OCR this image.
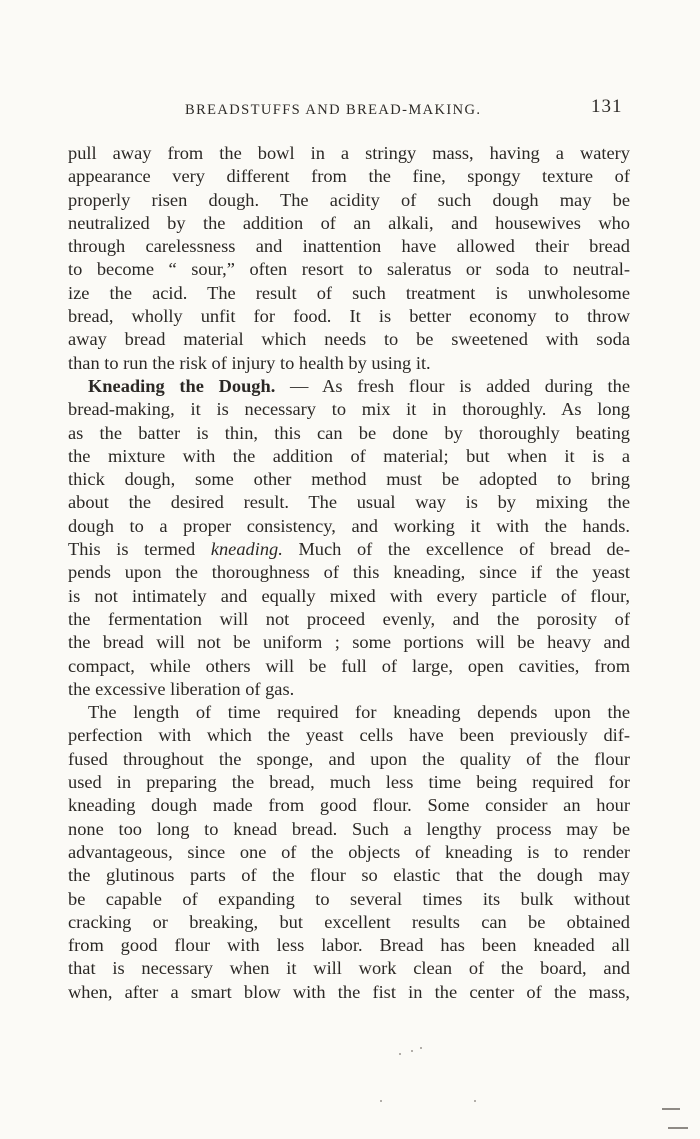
BREADSTUFFS AND BREAD-MAKING.	131
pull away from the bowl in a stringy mass, having a watery
appearance very different from the fine, spongy texture of
properly risen dough. The acidity of such dough may be
neutralized by the addition of an alkali, and housewives who
through carelessness and inattention have allowed their bread
to become “ sour,” often resort to saleratus or soda to neutral-
ize the acid. The result of such treatment is unwholesome
bread, wholly unfit for food. It is better economy to throw
away bread material which needs to be sweetened with soda
than to run the risk of injury to health by using it.
Kneading the Dough. — As fresh flour is added during the
bread-making, it is necessary to mix it in thoroughly. As long
as the batter is thin, this can be done by thoroughly beating
the mixture with the addition of material; but when it is a
thick dough, some other method must be adopted to bring
about the desired result. The usual way is by mixing the
dough to a proper consistency, and working it with the hands.
This is termed kneading. Much of the excellence of bread de-
pends upon the thoroughness of this kneading, since if the yeast
is not intimately and equally mixed with every particle of flour,
the fermentation will not proceed evenly, and the porosity of
the bread will not be uniform ; some portions will be heavy and
compact, while others will be full of large, open cavities, from
the excessive liberation of gas.
The length of time required for kneading depends upon the
perfection with which the yeast cells have been previously dif-
fused throughout the sponge, and upon the quality of the flour
used in preparing the bread, much less time being required for
kneading dough made from good flour. Some consider an hour
none too long to knead bread. Such a lengthy process may be
advantageous, since one of the objects of kneading is to render
the glutinous parts of the flour so elastic that the dough may
be capable of expanding to several times its bulk without
cracking or breaking, but excellent results can be obtained
from good flour with less labor. Bread has been kneaded all
that is necessary when it will work clean of the board, and
when, after a smart blow with the fist in the center of the mass,
